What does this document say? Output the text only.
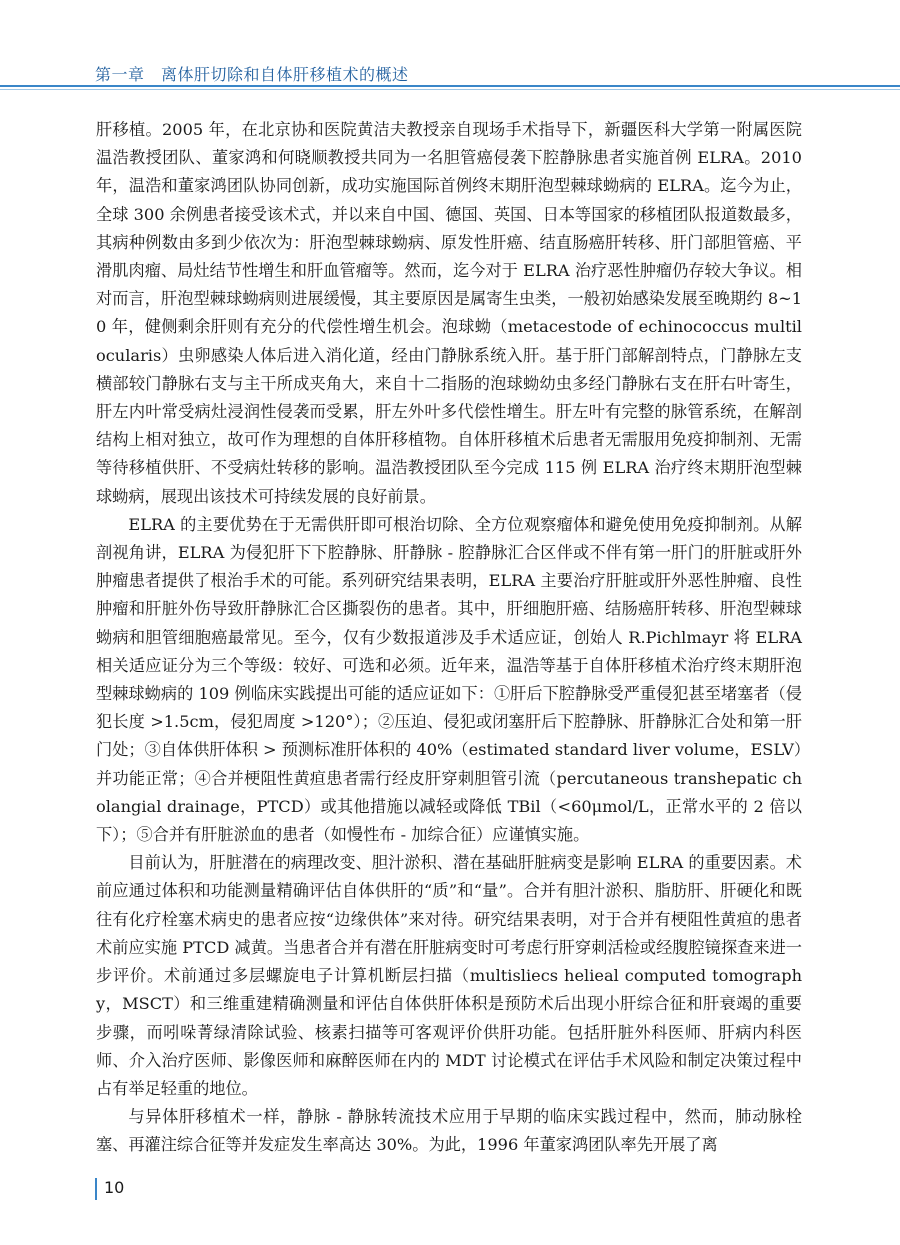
第一章　离体肝切除和自体肝移植术的概述

肝移植。2005 年，在北京协和医院黄洁夫教授亲自现场手术指导下，新疆医科大学第一附属医院温浩教授团队、董家鸿和何晓顺教授共同为一名胆管癌侵袭下腔静脉患者实施首例 ELRA。2010 年，温浩和董家鸿团队协同创新，成功实施国际首例终末期肝泡型棘球蚴病的 ELRA。迄今为止，全球 300 余例患者接受该术式，并以来自中国、德国、英国、日本等国家的移植团队报道数最多，其病种例数由多到少依次为：肝泡型棘球蚴病、原发性肝癌、结直肠癌肝转移、肝门部胆管癌、平滑肌肉瘤、局灶结节性增生和肝血管瘤等。然而，迄今对于 ELRA 治疗恶性肿瘤仍存较大争议。相对而言，肝泡型棘球蚴病则进展缓慢，其主要原因是属寄生虫类，一般初始感染发展至晚期约 8~10 年，健侧剩余肝则有充分的代偿性增生机会。泡球蚴（metacestode of echinococcus multilocularis）虫卵感染人体后进入消化道，经由门静脉系统入肝。基于肝门部解剖特点，门静脉左支横部较门静脉右支与主干所成夹角大，来自十二指肠的泡球蚴幼虫多经门静脉右支在肝右叶寄生，肝左内叶常受病灶浸润性侵袭而受累，肝左外叶多代偿性增生。肝左叶有完整的脉管系统，在解剖结构上相对独立，故可作为理想的自体肝移植物。自体肝移植术后患者无需服用免疫抑制剂、无需等待移植供肝、不受病灶转移的影响。温浩教授团队至今完成 115 例 ELRA 治疗终末期肝泡型棘球蚴病，展现出该技术可持续发展的良好前景。

ELRA 的主要优势在于无需供肝即可根治切除、全方位观察瘤体和避免使用免疫抑制剂。从解剖视角讲，ELRA 为侵犯肝下下腔静脉、肝静脉 - 腔静脉汇合区伴或不伴有第一肝门的肝脏或肝外肿瘤患者提供了根治手术的可能。系列研究结果表明，ELRA 主要治疗肝脏或肝外恶性肿瘤、良性肿瘤和肝脏外伤导致肝静脉汇合区撕裂伤的患者。其中，肝细胞肝癌、结肠癌肝转移、肝泡型棘球蚴病和胆管细胞癌最常见。至今，仅有少数报道涉及手术适应证，创始人 R.Pichlmayr 将 ELRA 相关适应证分为三个等级：较好、可选和必须。近年来，温浩等基于自体肝移植术治疗终末期肝泡型棘球蚴病的 109 例临床实践提出可能的适应证如下：①肝后下腔静脉受严重侵犯甚至堵塞者（侵犯长度 >1.5cm，侵犯周度 >120°）；②压迫、侵犯或闭塞肝后下腔静脉、肝静脉汇合处和第一肝门处；③自体供肝体积 > 预测标准肝体积的 40%（estimated standard liver volume，ESLV）并功能正常；④合并梗阻性黄疸患者需行经皮肝穿刺胆管引流（percutaneous transhepatic cholangial drainage，PTCD）或其他措施以减轻或降低 TBil（<60μmol/L，正常水平的 2 倍以下）；⑤合并有肝脏淤血的患者（如慢性布 - 加综合征）应谨慎实施。

目前认为，肝脏潜在的病理改变、胆汁淤积、潜在基础肝脏病变是影响 ELRA 的重要因素。术前应通过体积和功能测量精确评估自体供肝的“质”和“量”。合并有胆汁淤积、脂肪肝、肝硬化和既往有化疗栓塞术病史的患者应按“边缘供体”来对待。研究结果表明，对于合并有梗阻性黄疸的患者术前应实施 PTCD 减黄。当患者合并有潜在肝脏病变时可考虑行肝穿刺活检或经腹腔镜探查来进一步评价。术前通过多层螺旋电子计算机断层扫描（multisliecs helieal computed tomography，MSCT）和三维重建精确测量和评估自体供肝体积是预防术后出现小肝综合征和肝衰竭的重要步骤，而吲哚菁绿清除试验、核素扫描等可客观评价供肝功能。包括肝脏外科医师、肝病内科医师、介入治疗医师、影像医师和麻醉医师在内的 MDT 讨论模式在评估手术风险和制定决策过程中占有举足轻重的地位。

与异体肝移植术一样，静脉 - 静脉转流技术应用于早期的临床实践过程中，然而，肺动脉栓塞、再灌注综合征等并发症发生率高达 30%。为此，1996 年董家鸿团队率先开展了离

10
